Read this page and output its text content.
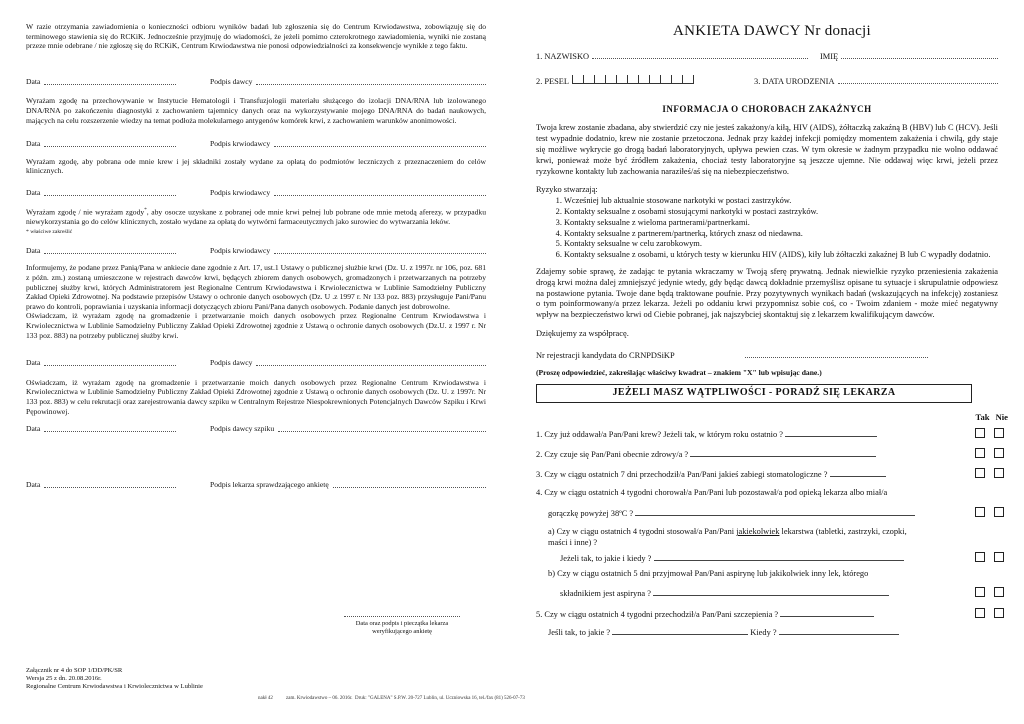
W razie otrzymania zawiadomienia o konieczności odbioru wyników badań lub zgłoszenia się do Centrum Krwiodawstwa, zobowiązuję się do terminowego stawienia się do RCKiK. Jednocześnie przyjmuję do wiadomości, że jeżeli pomimo czterokrotnego zawiadomienia, wyniki nie zostaną przeze mnie odebrane / nie zgłoszę się do RCKiK, Centrum Krwiodawstwa nie ponosi odpowiedzialności za konsekwencje wynikłe z tego faktu.

Data	Podpis dawcy

Wyrażam zgodę na przechowywanie w Instytucie Hematologii i Transfuzjologii materiału służącego do izolacji DNA/RNA lub izolowanego DNA/RNA po zakończeniu diagnostyki z zachowaniem tajemnicy danych oraz na wykorzystywanie mojego DNA/RNA do badań naukowych, mających na celu rozszerzenie wiedzy na temat podłoża molekularnego antygenów komórek krwi, z zachowaniem warunków anonimowości.

Data	Podpis krwiodawcy

Wyrażam zgodę, aby pobrana ode mnie krew i jej składniki zostały wydane za opłatą do podmiotów leczniczych z przeznaczeniem do celów klinicznych.

Data	Podpis krwiodawcy

Wyrażam zgodę / nie wyrażam zgody*, aby osocze uzyskane z pobranej ode mnie krwi pełnej lub pobrane ode mnie metodą aferezy, w przypadku niewykorzystania go do celów klinicznych, zostało wydane za opłatą do wytwórni farmaceutycznych jako surowiec do wytwarzania leków.

* właściwe zakreślić
Data	Podpis krwiodawcy

Informujemy, że podane przez Panią/Pana w ankiecie dane zgodnie z Art. 17, ust.1 Ustawy o publicznej służbie krwi (Dz. U. z 1997r. nr 106, poz. 681 z późn. zm.) zostaną umieszczone w rejestrach dawców krwi, będących zbiorem danych osobowych, gromadzonych i przetwarzanych na potrzeby publicznej służby krwi, których Administratorem jest Regionalne Centrum Krwiodawstwa i Krwiolecznictwa w Lublinie Samodzielny Publiczny Zakład Opieki Zdrowotnej. Na podstawie przepisów Ustawy o ochronie danych osobowych (Dz. U .z 1997 r. Nr 133 poz. 883) przysługuje Pani/Panu prawo do kontroli, poprawiania i uzyskania informacji dotyczących zbioru Pani/Pana danych osobowych. Podanie danych jest dobrowolne.

Oświadczam, iż wyrażam zgodę na gromadzenie i przetwarzanie moich danych osobowych przez Regionalne Centrum Krwiodawstwa i Krwiolecznictwa w Lublinie Samodzielny Publiczny Zakład Opieki Zdrowotnej zgodnie z Ustawą o ochronie danych osobowych (Dz.U. z 1997 r. Nr 133 poz. 883) na potrzeby publicznej służby krwi.

Data	Podpis dawcy

Oświadczam, iż wyrażam zgodę na gromadzenie i przetwarzanie moich danych osobowych przez Regionalne Centrum Krwiodawstwa i Krwiolecznictwa w Lublinie Samodzielny Publiczny Zakład Opieki Zdrowotnej zgodnie z Ustawą o ochronie danych osobowych (Dz. U. z 1997r. Nr 133 poz. 883) w celu rekrutacji oraz zarejestrowania dawcy szpiku w Centralnym Rejestrze Niespokrewnionych Potencjalnych Dawców Szpiku i Krwi Pępowinowej.

Data	Podpis dawcy szpiku
Data	Podpis lekarza sprawdzającego ankietę
Data oraz podpis i pieczątka lekarza weryfikującego ankietę
Załącznik nr 4 do SOP 1/DD/PK/SR
Wersja 25 z dn. 20.08.2016r.
Regionalne Centrum Krwiodawstwa i Krwiolecznictwa w Lublinie
nakł 42	zam. Krwiodawstwo – 06. 2016r. Druk: "GALENA" S.P.W. 20-727 Lublin, ul. Uczniowska 16, tel./fax (81) 526-07-73
ANKIETA DAWCY Nr donacji
1. NAZWISKO	IMIĘ
2. PESEL	3. DATA URODZENIA
INFORMACJA O CHOROBACH ZAKAŹNYCH

Twoja krew zostanie zbadana, aby stwierdzić czy nie jesteś zakażony/a kiłą, HIV (AIDS), żółtaczką zakaźną B (HBV) lub C (HCV). Jeśli test wypadnie dodatnio, krew nie zostanie przetoczona. Jednak przy każdej infekcji pomiędzy momentem zakażenia i chwilą, gdy staje się możliwe wykrycie go drogą badań laboratoryjnych, upływa pewien czas. W tym okresie w żadnym przypadku nie wolno oddawać krwi, ponieważ może być źródłem zakażenia, chociaż testy laboratoryjne są jeszcze ujemne. Nie oddawaj więc krwi, jeżeli przez ryzykowne kontakty lub zachowania naraziłeś/aś się na niebezpieczeństwo.

Ryzyko stwarzają:
1. Wcześniej lub aktualnie stosowane narkotyki w postaci zastrzyków.
2. Kontakty seksualne z osobami stosującymi narkotyki w postaci zastrzyków.
3. Kontakty seksualne z wieloma partnerami/partnerkami.
4. Kontakty seksualne z partnerem/partnerką, których znasz od niedawna.
5. Kontakty seksualne w celu zarobkowym.
6. Kontakty seksualne z osobami, u których testy w kierunku HIV (AIDS), kiły lub żółtaczki zakaźnej B lub C wypadły dodatnio.

Zdajemy sobie sprawę, że zadając te pytania wkraczamy w Twoją sferę prywatną. Jednak niewielkie ryzyko przeniesienia zakażenia drogą krwi można dalej zmniejszyć jedynie wtedy, gdy będąc dawcą dokładnie przemyślisz opisane tu sytuacje i skrupulatnie odpowiesz na postawione pytania. Twoje dane będą traktowane poufnie. Przy pozytywnych wynikach badań (wskazujących na infekcję) zostaniesz o tym poinformowany/a przez lekarza. Jeżeli po oddaniu krwi przypomnisz sobie coś, co - Twoim zdaniem - może mieć negatywny wpływ na bezpieczeństwo krwi od Ciebie pobranej, jak najszybciej skontaktuj się z lekarzem kwalifikującym dawców.

Dziękujemy za współpracę.
Nr rejestracji kandydata do CRNPDSiKP
(Proszę odpowiedzieć, zakreślając właściwy kwadrat – znakiem "X" lub wpisując dane.)
JEŻELI MASZ WĄTPLIWOŚCI - PORADŹ SIĘ LEKARZA
Tak Nie
1. Czy już oddawał/a Pan/Pani krew? Jeżeli tak, w którym roku ostatnio ?
2. Czy czuje się Pan/Pani obecnie zdrowy/a ?
3. Czy w ciągu ostatnich 7 dni przechodził/a Pan/Pani jakieś zabiegi stomatologiczne ?
4. Czy w ciągu ostatnich 4 tygodni chorował/a Pan/Pani lub pozostawał/a pod opieką lekarza albo miał/a
gorączkę powyżej 38ºC ?
a) Czy w ciągu ostatnich 4 tygodni stosował/a Pan/Pani jakiekolwiek lekarstwa (tabletki, zastrzyki, czopki, maści i inne) ?
Jeżeli tak, to jakie i kiedy ?
b) Czy w ciągu ostatnich 5 dni przyjmował Pan/Pani aspirynę lub jakikolwiek inny lek, którego
składnikiem jest aspiryna ?
5. Czy w ciągu ostatnich 4 tygodni przechodził/a Pan/Pani szczepienia ?
Jeśli tak, to jakie ?	Kiedy ?
